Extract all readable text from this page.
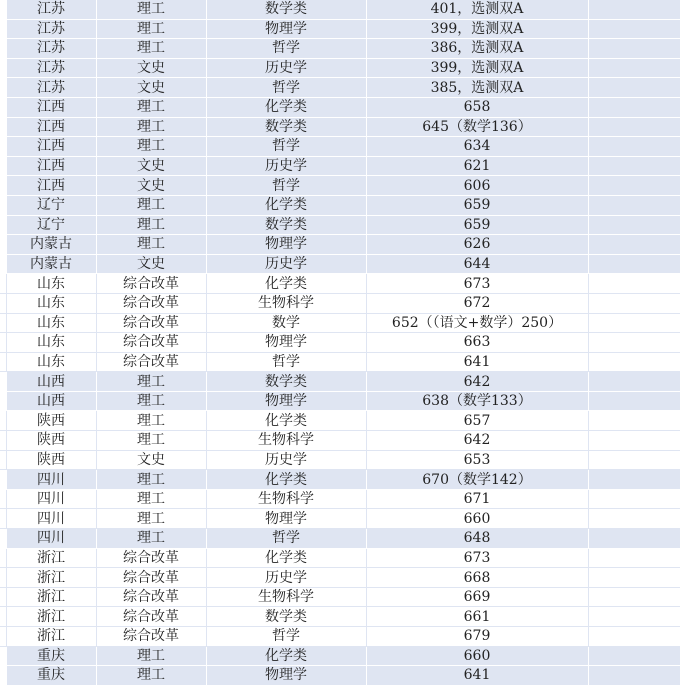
	江苏	理工	数学类	401，选测双A	
	江苏	理工	物理学	399，选测双A	
	江苏	理工	哲学	386，选测双A	
	江苏	文史	历史学	399，选测双A	
	江苏	文史	哲学	385，选测双A	
	江西	理工	化学类	658	
	江西	理工	数学类	645（数学136）	
	江西	理工	哲学	634	
	江西	文史	历史学	621	
	江西	文史	哲学	606	
	辽宁	理工	化学类	659	
	辽宁	理工	数学类	659	
	内蒙古	理工	物理学	626	
	内蒙古	文史	历史学	644	
	山东	综合改革	化学类	673	
	山东	综合改革	生物科学	672	
	山东	综合改革	数学	652（（语文+数学）250）	
	山东	综合改革	物理学	663	
	山东	综合改革	哲学	641	
	山西	理工	数学类	642	
	山西	理工	物理学	638（数学133）	
	陕西	理工	化学类	657	
	陕西	理工	生物科学	642	
	陕西	文史	历史学	653	
	四川	理工	化学类	670（数学142）	
	四川	理工	生物科学	671	
	四川	理工	物理学	660	
	四川	理工	哲学	648	
	浙江	综合改革	化学类	673	
	浙江	综合改革	历史学	668	
	浙江	综合改革	生物科学	669	
	浙江	综合改革	数学类	661	
	浙江	综合改革	哲学	679	
	重庆	理工	化学类	660	
	重庆	理工	物理学	641	
